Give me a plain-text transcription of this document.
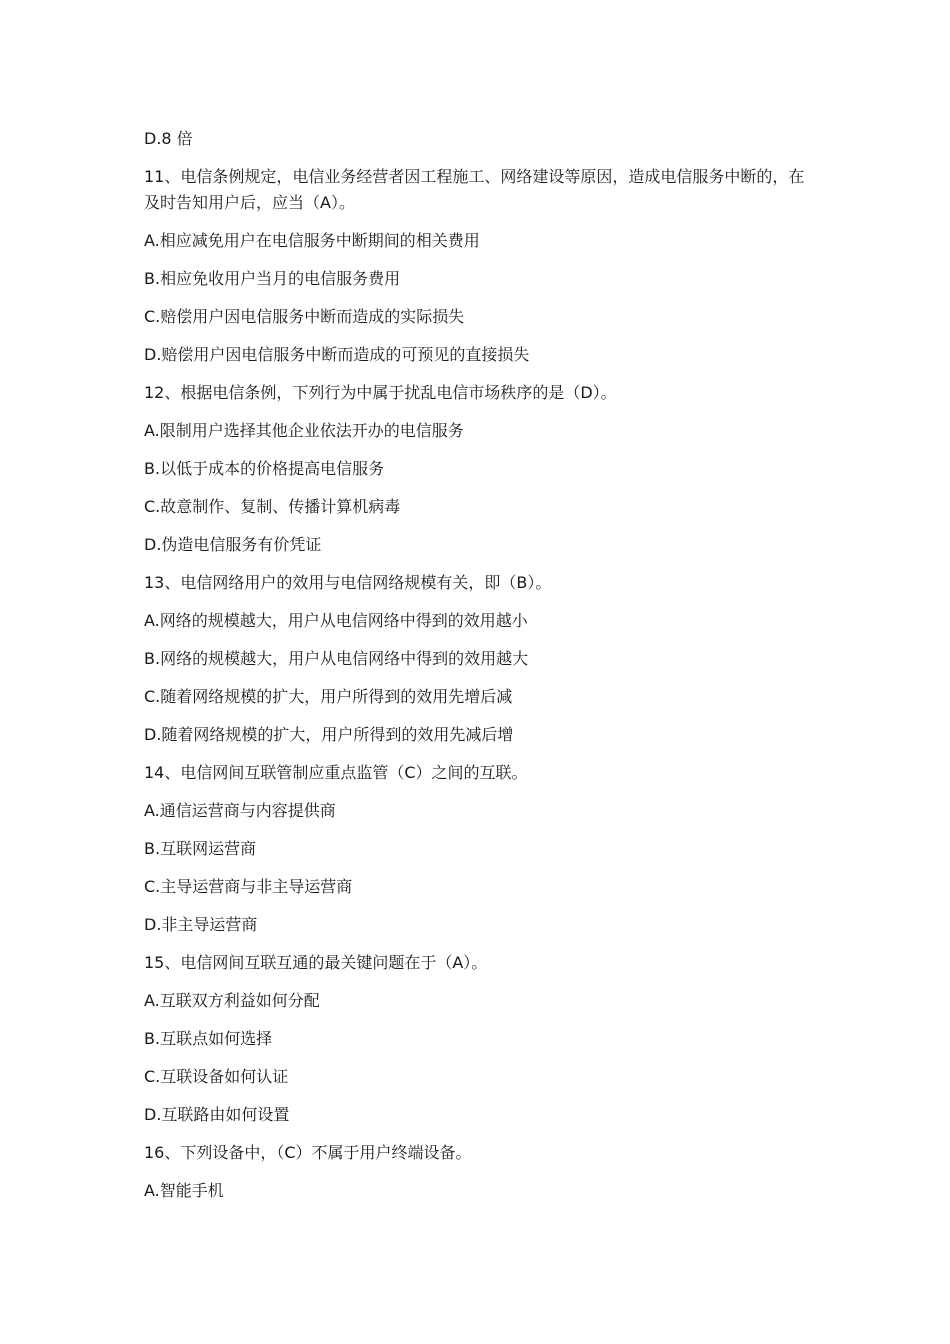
D.8 倍

11、电信条例规定，电信业务经营者因工程施工、网络建设等原因，造成电信服务中断的，在及时告知用户后，应当（A）。

A.相应减免用户在电信服务中断期间的相关费用

B.相应免收用户当月的电信服务费用

C.赔偿用户因电信服务中断而造成的实际损失

D.赔偿用户因电信服务中断而造成的可预见的直接损失

12、根据电信条例，下列行为中属于扰乱电信市场秩序的是（D）。

A.限制用户选择其他企业依法开办的电信服务

B.以低于成本的价格提高电信服务

C.故意制作、复制、传播计算机病毒

D.伪造电信服务有价凭证

13、电信网络用户的效用与电信网络规模有关，即（B）。

A.网络的规模越大，用户从电信网络中得到的效用越小

B.网络的规模越大，用户从电信网络中得到的效用越大

C.随着网络规模的扩大，用户所得到的效用先增后减

D.随着网络规模的扩大，用户所得到的效用先减后增

14、电信网间互联管制应重点监管（C）之间的互联。

A.通信运营商与内容提供商

B.互联网运营商

C.主导运营商与非主导运营商

D.非主导运营商

15、电信网间互联互通的最关键问题在于（A）。

A.互联双方利益如何分配

B.互联点如何选择

C.互联设备如何认证

D.互联路由如何设置

16、下列设备中，（C）不属于用户终端设备。

A.智能手机
